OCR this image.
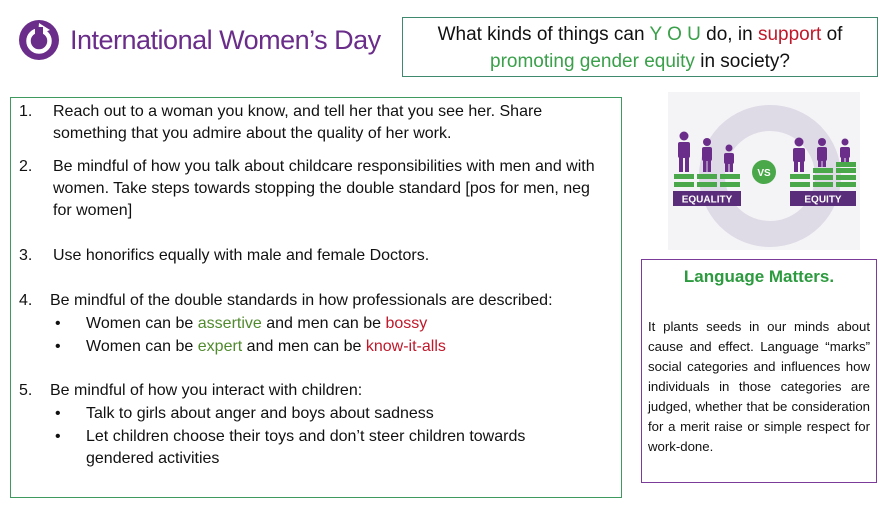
International Women’s Day	What kinds of things can Y O U do, in support of
promoting gender equity in society?
1. Reach out to a woman you know, and tell her that you see her. Share something that you admire about the quality of her work.
2. Be mindful of how you talk about childcare responsibilities with men and with women. Take steps towards stopping the double standard [pos for men, neg for women]
3. Use honorifics equally with male and female Doctors.
4. Be mindful of the double standards in how professionals are described:
• Women can be assertive and men can be bossy
• Women can be expert and men can be know-it-alls
5. Be mindful of how you interact with children:
• Talk to girls about anger and boys about sadness
• Let children choose their toys and don’t steer children towards gendered activities
EQUALITY
VS
EQUITY
Language Matters.
It plants seeds in our minds about cause and effect. Language “marks” social categories and influences how individuals in those categories are judged, whether that be consideration for a merit raise or simple respect for work-done.
